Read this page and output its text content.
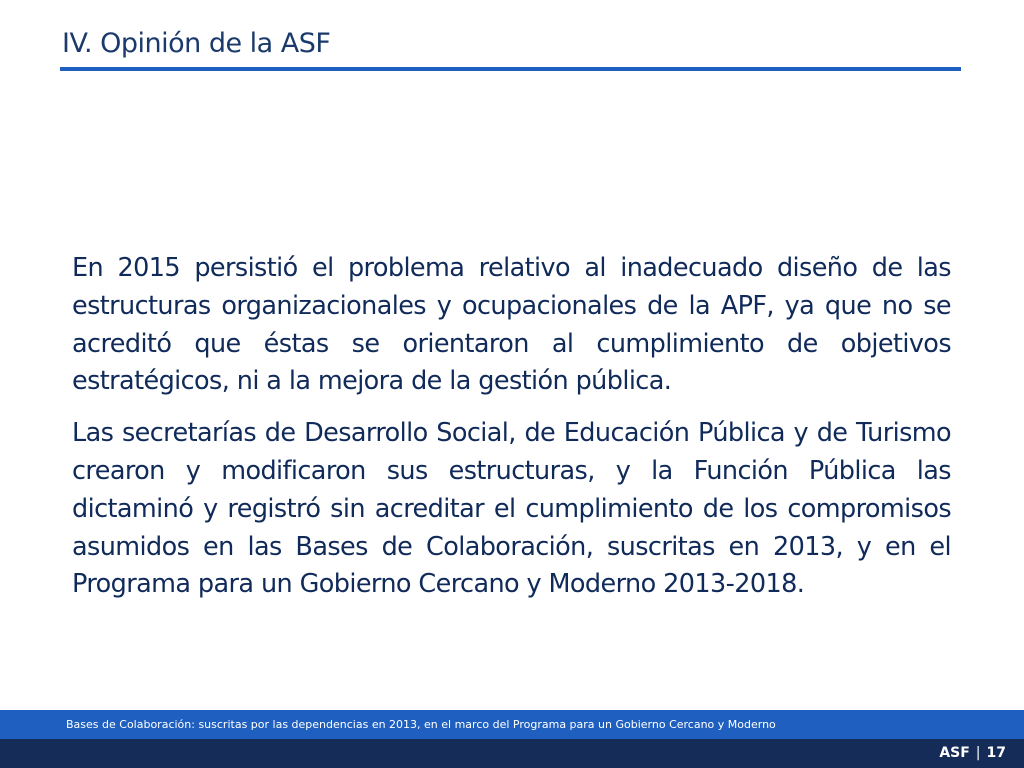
IV. Opinión de la ASF

En 2015 persistió el problema relativo al inadecuado diseño de las estructuras organizacionales y ocupacionales de la APF, ya que no se acreditó que éstas se orientaron al cumplimiento de objetivos estratégicos, ni a la mejora de la gestión pública.

Las secretarías de Desarrollo Social, de Educación Pública y de Turismo crearon y modificaron sus estructuras, y la Función Pública las dictaminó y registró sin acreditar el cumplimiento de los compromisos asumidos en las Bases de Colaboración, suscritas en 2013, y en el Programa para un Gobierno Cercano y Moderno 2013-2018.

Bases de Colaboración: suscritas por las dependencias en 2013, en el marco del Programa para un Gobierno Cercano y Moderno
ASF | 17
